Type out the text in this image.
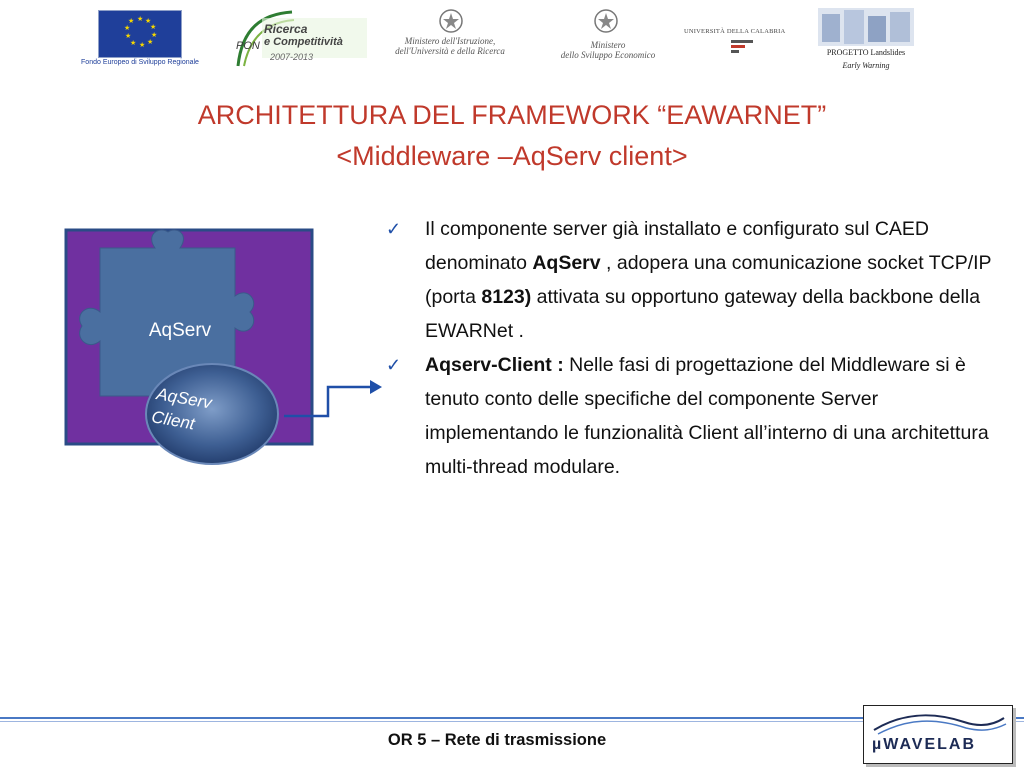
★ ★
★
★
★
★
★
★
★
★
UNIONE EUROPEA
Fondo Europeo di Sviluppo Regionale
PON
Ricerca
e Competitività
2007-2013
Ministero dell'Istruzione,
dell'Università e della Ricerca
Ministero
dello Sviluppo Economico
UNIVERSITÀ DELLA CALABRIA
PROGETTO Landslides
Early Warning
ARCHITETTURA DEL FRAMEWORK “EAWARNET”
<Middleware –AqServ client>
AqServ
AqServ
Client
✓ Il componente server già installato e configurato sul CAED denominato AqServ , adopera una comunicazione socket TCP/IP (porta 8123) attivata su opportuno gateway della backbone della EWARNet .
✓ Aqserv-Client : Nelle fasi di progettazione del Middleware si è tenuto conto delle specifiche del componente Server implementando le funzionalità Client all’interno di una architettura multi-thread modulare.
OR 5 – Rete di trasmissione	µWAVELAB
